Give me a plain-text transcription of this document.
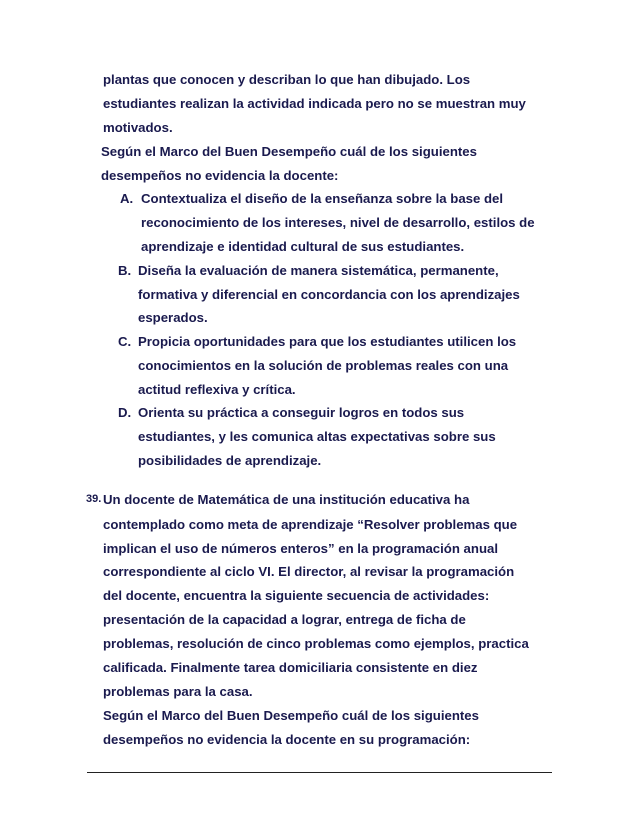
plantas que conocen y describan lo que han dibujado. Los
estudiantes realizan la actividad indicada pero no se muestran muy
motivados.
Según el Marco del Buen Desempeño cuál de los siguientes
desempeños no evidencia la docente:
A. Contextualiza el diseño de la enseñanza sobre la base del
reconocimiento de los intereses, nivel de desarrollo, estilos de
aprendizaje e identidad cultural de sus estudiantes.
B. Diseña la evaluación de manera sistemática, permanente,
formativa y diferencial en concordancia con los aprendizajes
esperados.
C. Propicia oportunidades para que los estudiantes utilicen los
conocimientos en la solución de problemas reales con una
actitud reflexiva y crítica.
D. Orienta su práctica a conseguir logros en todos sus
estudiantes, y les comunica altas expectativas sobre sus
posibilidades de aprendizaje.
39. Un docente de Matemática de una institución educativa ha
contemplado como meta de aprendizaje “Resolver problemas que
implican el uso de números enteros” en la programación anual
correspondiente al ciclo VI. El director, al revisar la programación
del docente, encuentra la siguiente secuencia de actividades:
presentación de la capacidad a lograr, entrega de ficha de
problemas, resolución de cinco problemas como ejemplos, practica
calificada. Finalmente tarea domiciliaria consistente en diez
problemas para la casa.
Según el Marco del Buen Desempeño cuál de los siguientes
desempeños no evidencia la docente en su programación:
